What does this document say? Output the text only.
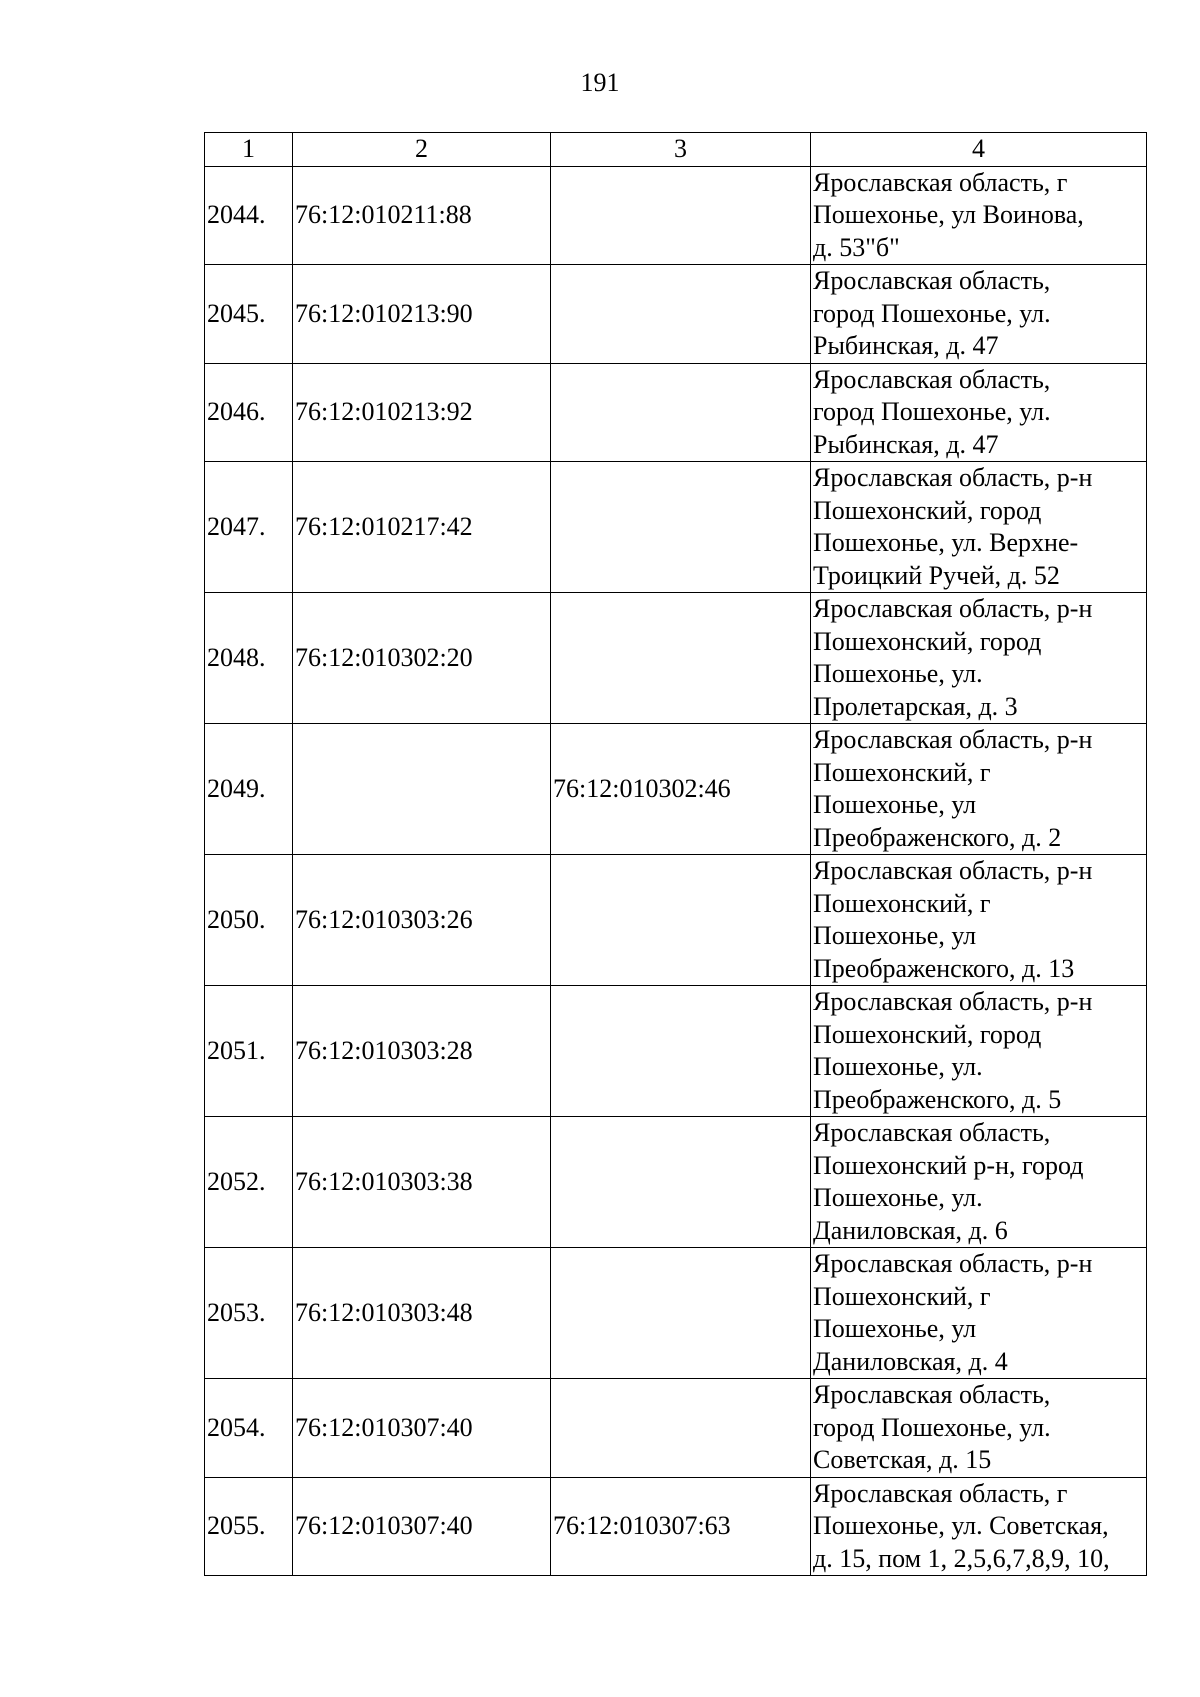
191
1	2	3	4
2044.	76:12:010211:88		Ярославская область, г
Пошехонье, ул Воинова,
д. 53"б"
2045.	76:12:010213:90		Ярославская область,
город Пошехонье, ул.
Рыбинская, д. 47
2046.	76:12:010213:92		Ярославская область,
город Пошехонье, ул.
Рыбинская, д. 47
2047.	76:12:010217:42		Ярославская область, р-н
Пошехонский, город
Пошехонье, ул. Верхне-
Троицкий Ручей, д. 52
2048.	76:12:010302:20		Ярославская область, р-н
Пошехонский, город
Пошехонье, ул.
Пролетарская, д. 3
2049.		76:12:010302:46	Ярославская область, р-н
Пошехонский, г
Пошехонье, ул
Преображенского, д. 2
2050.	76:12:010303:26		Ярославская область, р-н
Пошехонский, г
Пошехонье, ул
Преображенского, д. 13
2051.	76:12:010303:28		Ярославская область, р-н
Пошехонский, город
Пошехонье, ул.
Преображенского, д. 5
2052.	76:12:010303:38		Ярославская область,
Пошехонский р-н, город
Пошехонье, ул.
Даниловская, д. 6
2053.	76:12:010303:48		Ярославская область, р-н
Пошехонский, г
Пошехонье, ул
Даниловская, д. 4
2054.	76:12:010307:40		Ярославская область,
город Пошехонье, ул.
Советская, д. 15
2055.	76:12:010307:40	76:12:010307:63	Ярославская область, г
Пошехонье, ул. Советская,
д. 15, пом 1, 2,5,6,7,8,9, 10,
